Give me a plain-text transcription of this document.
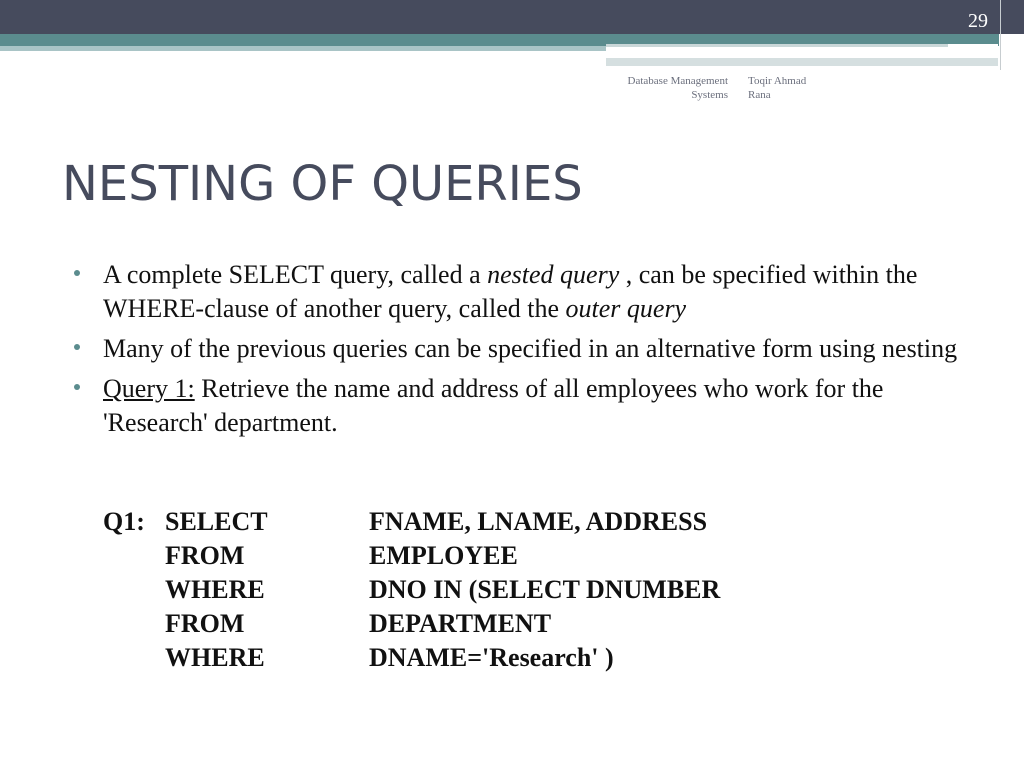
29
Database Management
Systems
Toqir Ahmad
Rana
NESTING OF QUERIES
A complete SELECT query, called a nested query , can be specified within the WHERE-clause of another query, called the outer query
Many of the previous queries can be specified in an alternative form using nesting
Query 1: Retrieve the name and address of all employees who work for the 'Research' department.
Q1: SELECT	FNAME, LNAME, ADDRESS
FROM	EMPLOYEE
WHERE	DNO IN (SELECT DNUMBER
FROM	DEPARTMENT
WHERE	DNAME='Research' )
